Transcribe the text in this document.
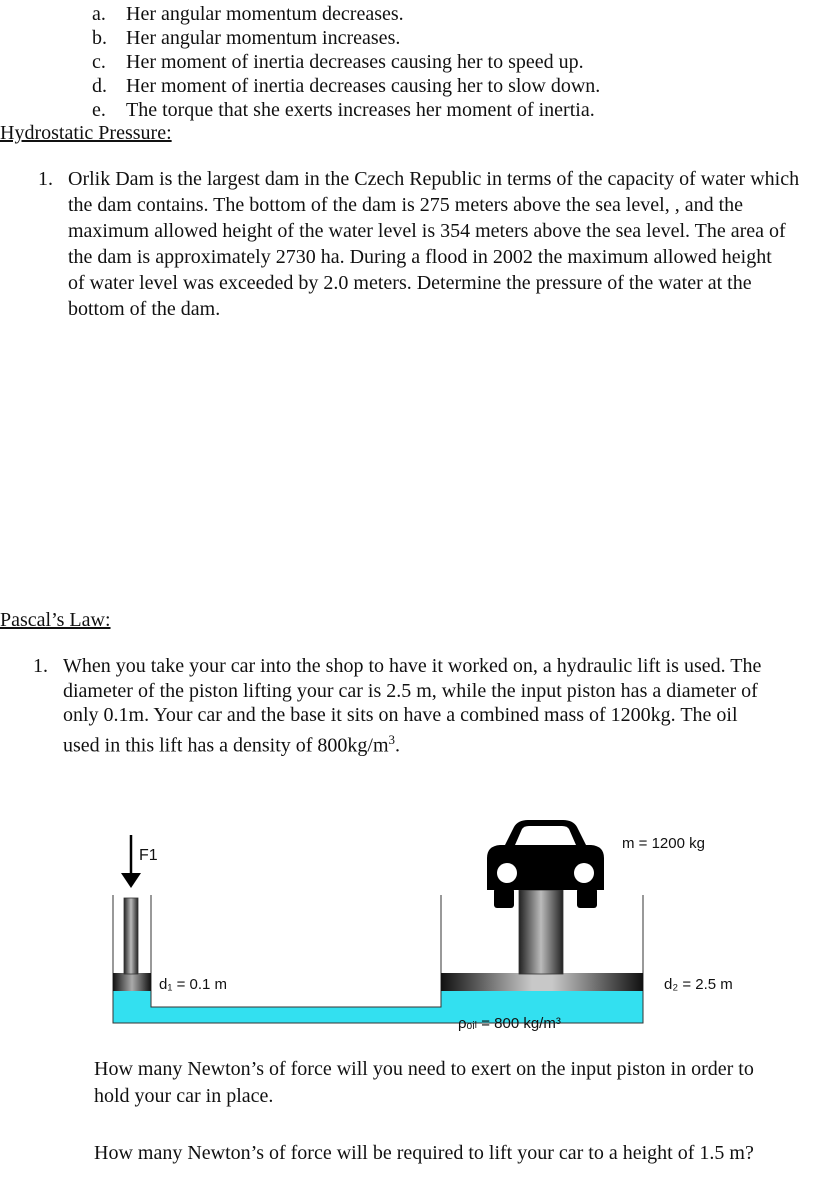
a. Her angular momentum decreases.
b. Her angular momentum increases.
c. Her moment of inertia decreases causing her to speed up.
d. Her moment of inertia decreases causing her to slow down.
e. The torque that she exerts increases her moment of inertia.
Hydrostatic Pressure:
1. Orlik Dam is the largest dam in the Czech Republic in terms of the capacity of water which
the dam contains. The bottom of the dam is 275 meters above the sea level, , and the
maximum allowed height of the water level is 354 meters above the sea level. The area of
the dam is approximately 2730 ha. During a flood in 2002 the maximum allowed height
of water level was exceeded by 2.0 meters. Determine the pressure of the water at the
bottom of the dam.
Pascal’s Law:
1. When you take your car into the shop to have it worked on, a hydraulic lift is used. The
diameter of the piston lifting your car is 2.5 m, while the input piston has a diameter of
only 0.1m. Your car and the base it sits on have a combined mass of 1200kg. The oil
used in this lift has a density of $800kg/m^3$.
F1
d₁ = 0.1 m	d₂ = 2.5 m
m = 1200 kg
ρₒᵢₗ = 800 kg/m³
How many Newton’s of force will you need to exert on the input piston in order to
hold your car in place.
How many Newton’s of force will be required to lift your car to a height of 1.5 m?
